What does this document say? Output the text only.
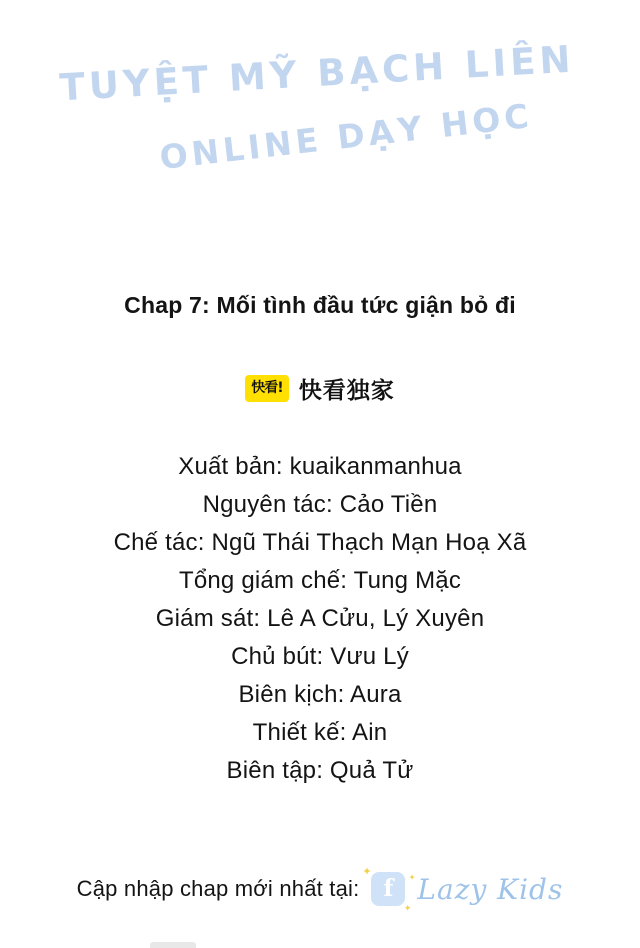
TUYỆT MỸ BẠCH LIÊN
ONLINE DẠY HỌC
Chap 7: Mối tình đầu tức giận bỏ đi
快看! 快看独家
Xuất bản: kuaikanmanhua
Nguyên tác: Cảo Tiền
Chế tác: Ngũ Thái Thạch Mạn Hoạ Xã
Tổng giám chế: Tung Mặc
Giám sát: Lê A Cửu, Lý Xuyên
Chủ bút: Vưu Lý
Biên kịch: Aura
Thiết kế: Ain
Biên tập: Quả Tử
Cập nhập chap mới nhất tại:	f
✦	✦
✦
Lazy Kids
